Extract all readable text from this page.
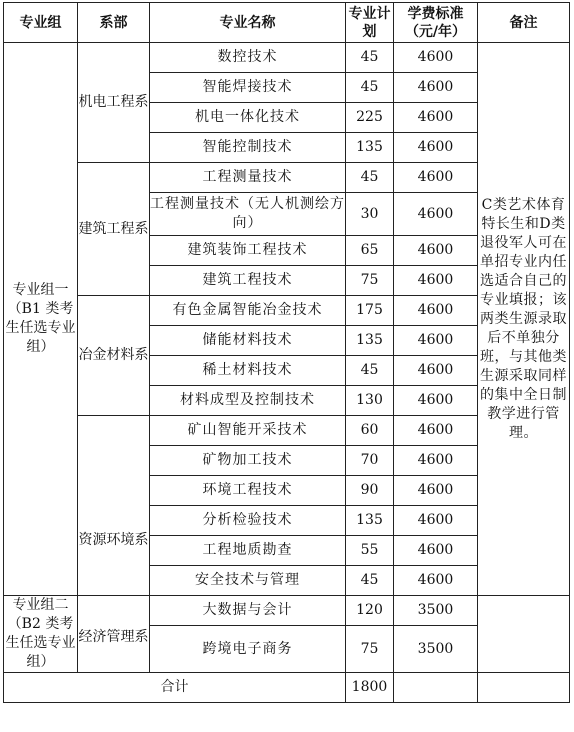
专业组	系部	专业名称	专业计划	学费标准（元/年）	备注
专业组一（B1 类考生任选专业组）	机电工程系	数控技术	45	4600	C类艺术体育特长生和D类退役军人可在单招专业内任选适合自己的专业填报；该两类生源录取后不单独分班，与其他类生源采取同样的集中全日制教学进行管理。
		智能焊接技术	45	4600	
		机电一体化技术	225	4600	
		智能控制技术	135	4600	
	建筑工程系	工程测量技术	45	4600	
		工程测量技术（无人机测绘方向）	30	4600	
		建筑装饰工程技术	65	4600	
		建筑工程技术	75	4600	
	冶金材料系	有色金属智能冶金技术	175	4600	
		储能材料技术	135	4600	
		稀土材料技术	45	4600	
		材料成型及控制技术	130	4600	
	资源环境系	矿山智能开采技术	60	4600	
		矿物加工技术	70	4600	
		环境工程技术	90	4600	
		分析检验技术	135	4600	
		工程地质勘查	55	4600	
		安全技术与管理	45	4600	
专业组二（B2 类考生任选专业组）	经济管理系	大数据与会计	120	3500	
		跨境电子商务	75	3500	
合计			1800		
